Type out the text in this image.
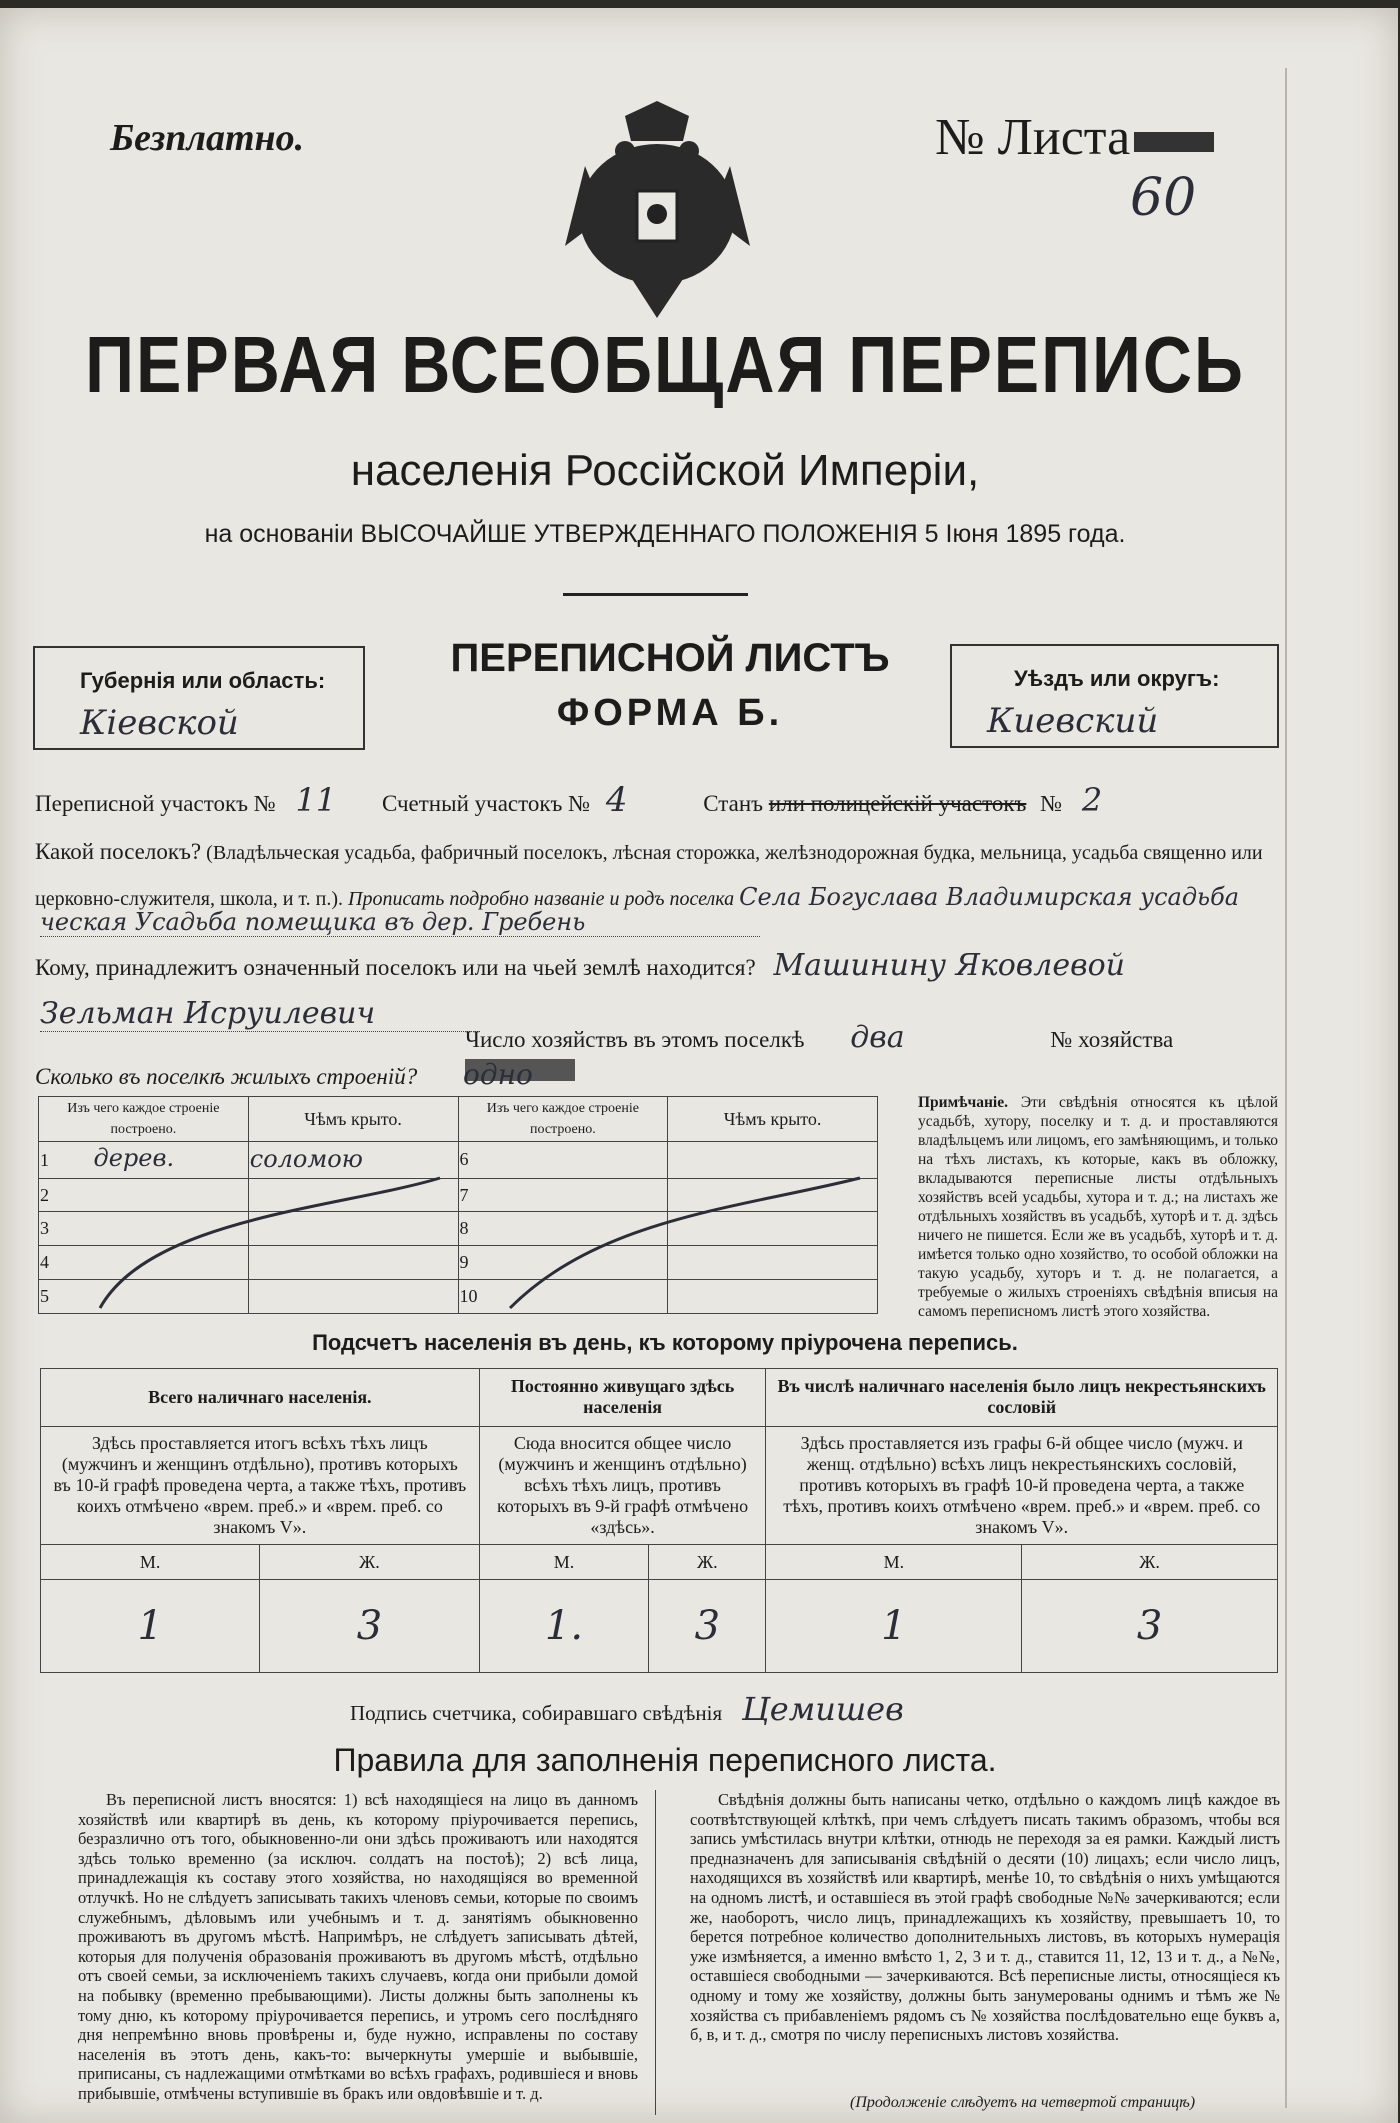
Безплатно.	№ Листа
60
ПЕРВАЯ ВСЕОБЩАЯ ПЕРЕПИСЬ
населенія Россійской Имперіи,
на основаніи ВЫСОЧАЙШЕ УТВЕРЖДЕННАГО ПОЛОЖЕНІЯ 5 Іюня 1895 года.
Губернія или область:
Кіевской
ПЕРЕПИСНОЙ ЛИСТЪ
ФОРМА Б.
Уѣздъ или округъ:
Киевский
Переписной участокъ № 11 Счетный участокъ № 4	Станъ или полицейскій участокъ № 2
Какой поселокъ? (Владѣльческая усадьба, фабричный поселокъ, лѣсная сторожка, желѣзнодорожная будка, мельница, усадьба священно или церковно-служителя, школа, и т. п.). Прописать подробно названіе и родъ поселка Села Богуслава Владимирская усадьба
ческая Усадьба помещика въ дер. Гребень
Кому, принадлежитъ означенный поселокъ или на чьей землѣ находится? Машинину Яковлевой
Зельман Исруилевич
Число хозяйствъ въ этомъ поселкѣ два	№ хозяйства
Сколько въ поселкѣ жилыхъ строеній? одно
Изъ чего каждое строеніе построено.	Чѣмъ крыто.	Изъ чего каждое строеніе построено.	Чѣмъ крыто.
1 дерев.	соломою	6	
2		7	
3		8	
4		9	
5		10	
Примѣчаніе. Эти свѣдѣнія относятся къ цѣлой усадьбѣ, хутору, поселку и т. д. и проставляются владѣльцемъ или лицомъ, его замѣняющимъ, и только на тѣхъ листахъ, къ которые, какъ въ обложку, вкладываются переписные листы отдѣльныхъ хозяйствъ всей усадьбы, хутора и т. д.; на листахъ же отдѣльныхъ хозяйствъ въ усадьбѣ, хуторѣ и т. д. здѣсь ничего не пишется. Если же въ усадьбѣ, хуторѣ и т. д. имѣется только одно хозяйство, то особой обложки на такую усадьбу, хуторъ и т. д. не полагается, а требуемые о жилыхъ строеніяхъ свѣдѣнія вписыя на самомъ переписномъ листѣ этого хозяйства.
Подсчетъ населенія въ день, къ которому пріурочена перепись.
Всего наличнаго населенія.		Постоянно живущаго здѣсь населенія		Въ числѣ наличнаго населенія было лицъ некрестьянскихъ сословій	
Здѣсь проставляется итогъ всѣхъ тѣхъ лицъ (мужчинъ и женщинъ отдѣльно), противъ которыхъ въ 10-й графѣ проведена черта, а также тѣхъ, противъ коихъ отмѣчено «врем. преб.» и «врем. преб. со знакомъ V».		Сюда вносится общее число (мужчинъ и женщинъ отдѣльно) всѣхъ тѣхъ лицъ, противъ которыхъ въ 9-й графѣ отмѣчено «здѣсь».		Здѣсь проставляется изъ графы 6-й общее число (мужч. и женщ. отдѣльно) всѣхъ лицъ некрестьянскихъ сословій, противъ которыхъ въ графѣ 10-й проведена черта, а также тѣхъ, противъ коихъ отмѣчено «врем. преб.» и «врем. преб. со знакомъ V».	
М.	Ж.	М.	Ж.	М.	Ж.
1	3	1.	3	1	3
Подпись счетчика, собиравшаго свѣдѣнія Цемишев
Правила для заполненія переписного листа.

Въ переписной листъ вносятся: 1) всѣ находящіеся на лицо въ данномъ хозяйствѣ или квартирѣ въ день, къ которому пріурочивается перепись, безразлично отъ того, обыкновенно-ли они здѣсь проживаютъ или находятся здѣсь только временно (за исключ. солдатъ на постоѣ); 2) всѣ лица, принадлежащія къ составу этого хозяйства, но находящіяся во временной отлучкѣ. Но не слѣдуетъ записывать такихъ членовъ семьи, которые по своимъ служебнымъ, дѣловымъ или учебнымъ и т. д. занятіямъ обыкновенно проживаютъ въ другомъ мѣстѣ. Напримѣръ, не слѣдуетъ записывать дѣтей, которыя для полученія образованія проживаютъ въ другомъ мѣстѣ, отдѣльно отъ своей семьи, за исключеніемъ такихъ случаевъ, когда они прибыли домой на побывку (временно пребывающими). Листы должны быть заполнены къ тому дню, къ которому пріурочивается перепись, и утромъ сего послѣдняго дня непремѣнно вновь провѣрены и, буде нужно, исправлены по составу населенія въ этотъ день, какъ-то: вычеркнуты умершіе и выбывшіе, приписаны, съ надлежащими отмѣтками во всѣхъ графахъ, родившіеся и вновь прибывшіе, отмѣчены вступившіе въ бракъ или овдовѣвшіе и т. д.

Свѣдѣнія должны быть написаны четко, отдѣльно о каждомъ лицѣ каждое въ соотвѣтствующей клѣткѣ, при чемъ слѣдуетъ писать такимъ образомъ, чтобы вся запись умѣстилась внутри клѣтки, отнюдь не переходя за ея рамки. Каждый листъ предназначенъ для записыванія свѣдѣній о десяти (10) лицахъ; если число лицъ, находящихся въ хозяйствѣ или квартирѣ, менѣе 10, то свѣдѣнія о нихъ умѣщаются на одномъ листѣ, и оставшіеся въ этой графѣ свободные №№ зачеркиваются; если же, наоборотъ, число лицъ, принадлежащихъ къ хозяйству, превышаетъ 10, то берется потребное количество дополнительныхъ листовъ, въ которыхъ нумерація уже измѣняется, а именно вмѣсто 1, 2, 3 и т. д., ставится 11, 12, 13 и т. д., а №№, оставшіеся свободными — зачеркиваются. Всѣ переписные листы, относящіеся къ одному и тому же хозяйству, должны быть занумерованы однимъ и тѣмъ же № хозяйства съ прибавленіемъ рядомъ съ № хозяйства послѣдовательно еще буквъ а, б, в, и т. д., смотря по числу переписныхъ листовъ хозяйства.

(Продолженіе слѣдуетъ на четвертой страницѣ)
